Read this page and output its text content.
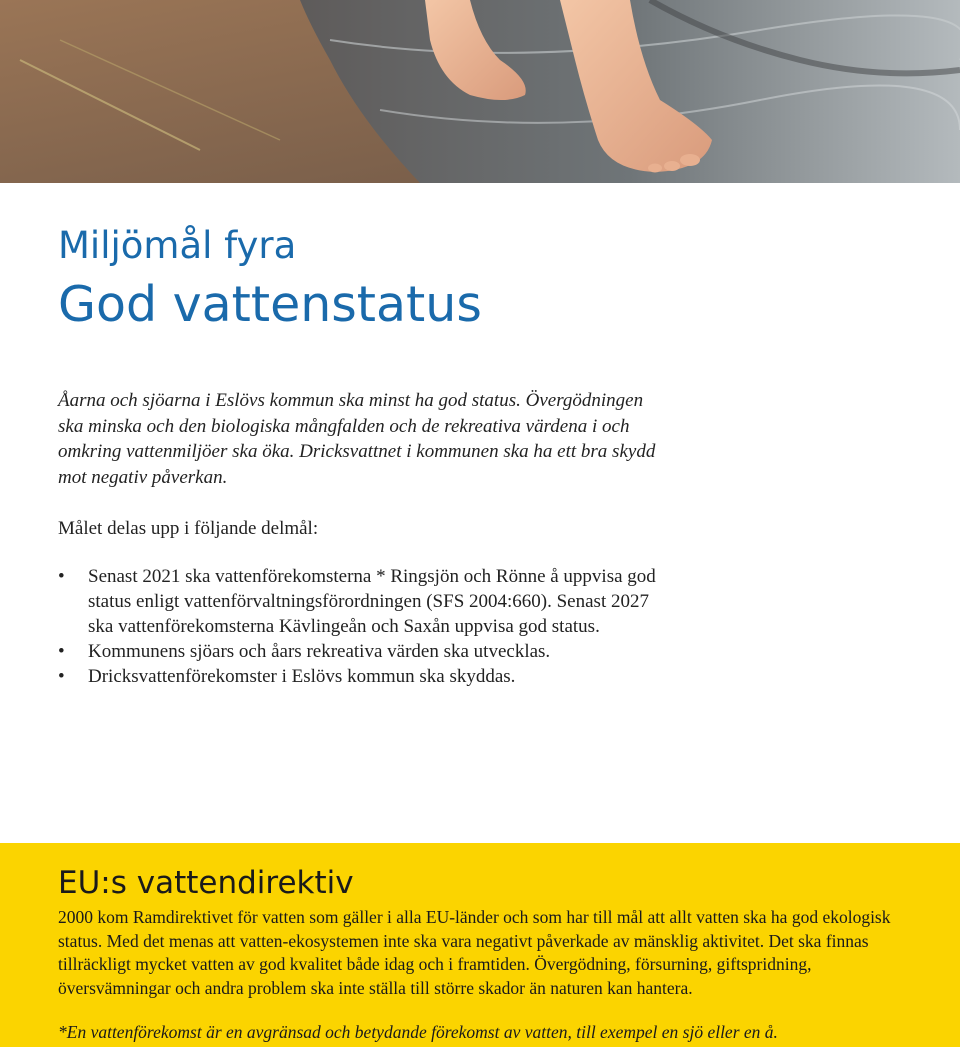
Miljömål fyra
God vattenstatus

Åarna och sjöarna i Eslövs kommun ska minst ha god status. Övergödningen ska minska och den biologiska mångfalden och de rekreativa värdena i och omkring vattenmiljöer ska öka. Dricksvattnet i kommunen ska ha ett bra skydd mot negativ påverkan.

Målet delas upp i följande delmål:

• Senast 2021 ska vattenförekomsterna * Ringsjön och Rönne å uppvisa god status enligt vattenförvaltningsförordningen (SFS 2004:660). Senast 2027 ska vattenförekomsterna Kävlingeån och Saxån uppvisa god status.
• Kommunens sjöars och åars rekreativa värden ska utvecklas.
• Dricksvattenförekomster i Eslövs kommun ska skyddas.
EU:s vattendirektiv

2000 kom Ramdirektivet för vatten som gäller i alla EU-länder och som har till mål att allt vatten ska ha god ekologisk status. Med det menas att vatten-ekosystemen inte ska vara negativt påverkade av mänsklig aktivitet. Det ska finnas tillräckligt mycket vatten av god kvalitet både idag och i framtiden. Övergödning, försurning, giftspridning, översvämningar och andra problem ska inte ställa till större skador än naturen kan hantera.

*En vattenförekomst är en avgränsad och betydande förekomst av vatten, till exempel en sjö eller en å.
